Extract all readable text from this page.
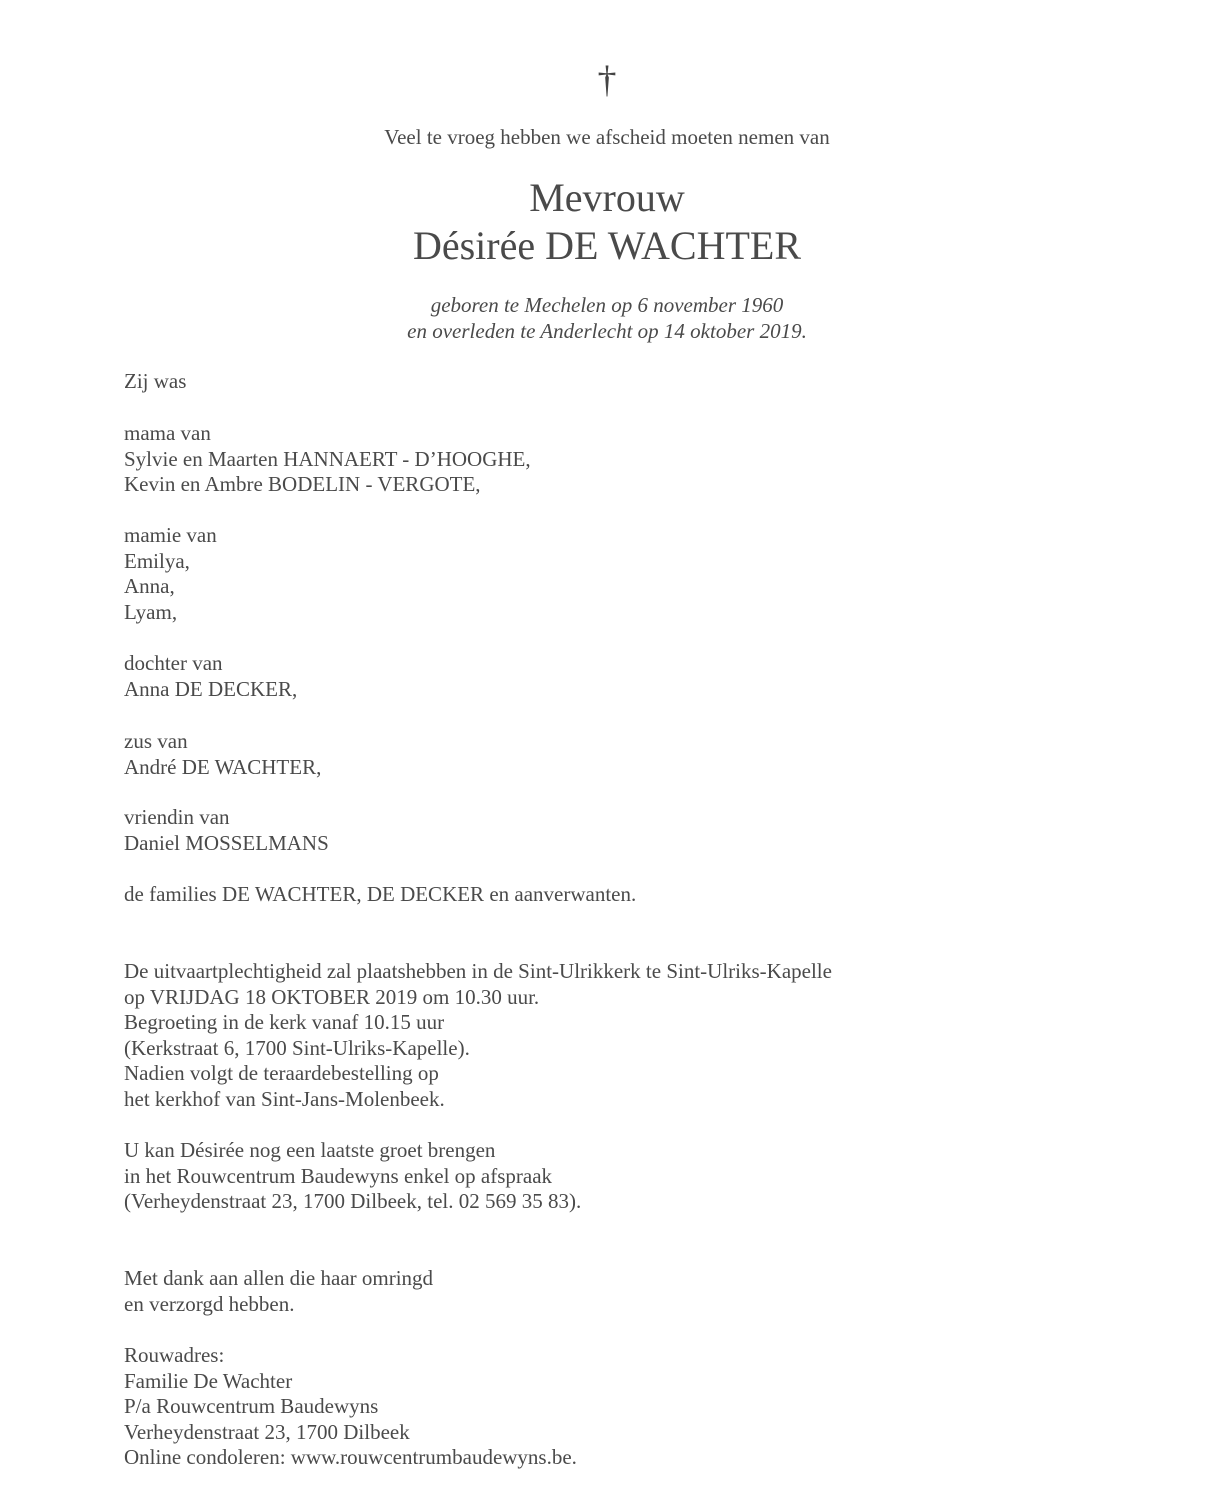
†
Veel te vroeg hebben we afscheid moeten nemen van
Mevrouw
Désirée DE WACHTER
geboren te Mechelen op 6 november 1960
en overleden te Anderlecht op 14 oktober 2019.
Zij was
mama van
Sylvie en Maarten HANNAERT - D’HOOGHE,
Kevin en Ambre BODELIN - VERGOTE,
mamie van
Emilya,
Anna,
Lyam,
dochter van
Anna DE DECKER,
zus van
André DE WACHTER,
vriendin van
Daniel MOSSELMANS
de families DE WACHTER, DE DECKER en aanverwanten.
De uitvaartplechtigheid zal plaatshebben in de Sint-Ulrikkerk te Sint-Ulriks-Kapelle
op VRIJDAG 18 OKTOBER 2019 om 10.30 uur.
Begroeting in de kerk vanaf 10.15 uur
(Kerkstraat 6, 1700 Sint-Ulriks-Kapelle).
Nadien volgt de teraardebestelling op
het kerkhof van Sint-Jans-Molenbeek.
U kan Désirée nog een laatste groet brengen
in het Rouwcentrum Baudewyns enkel op afspraak
(Verheydenstraat 23, 1700 Dilbeek, tel. 02 569 35 83).
Met dank aan allen die haar omringd
en verzorgd hebben.
Rouwadres:
Familie De Wachter
P/a Rouwcentrum Baudewyns
Verheydenstraat 23, 1700 Dilbeek
Online condoleren: www.rouwcentrumbaudewyns.be.
